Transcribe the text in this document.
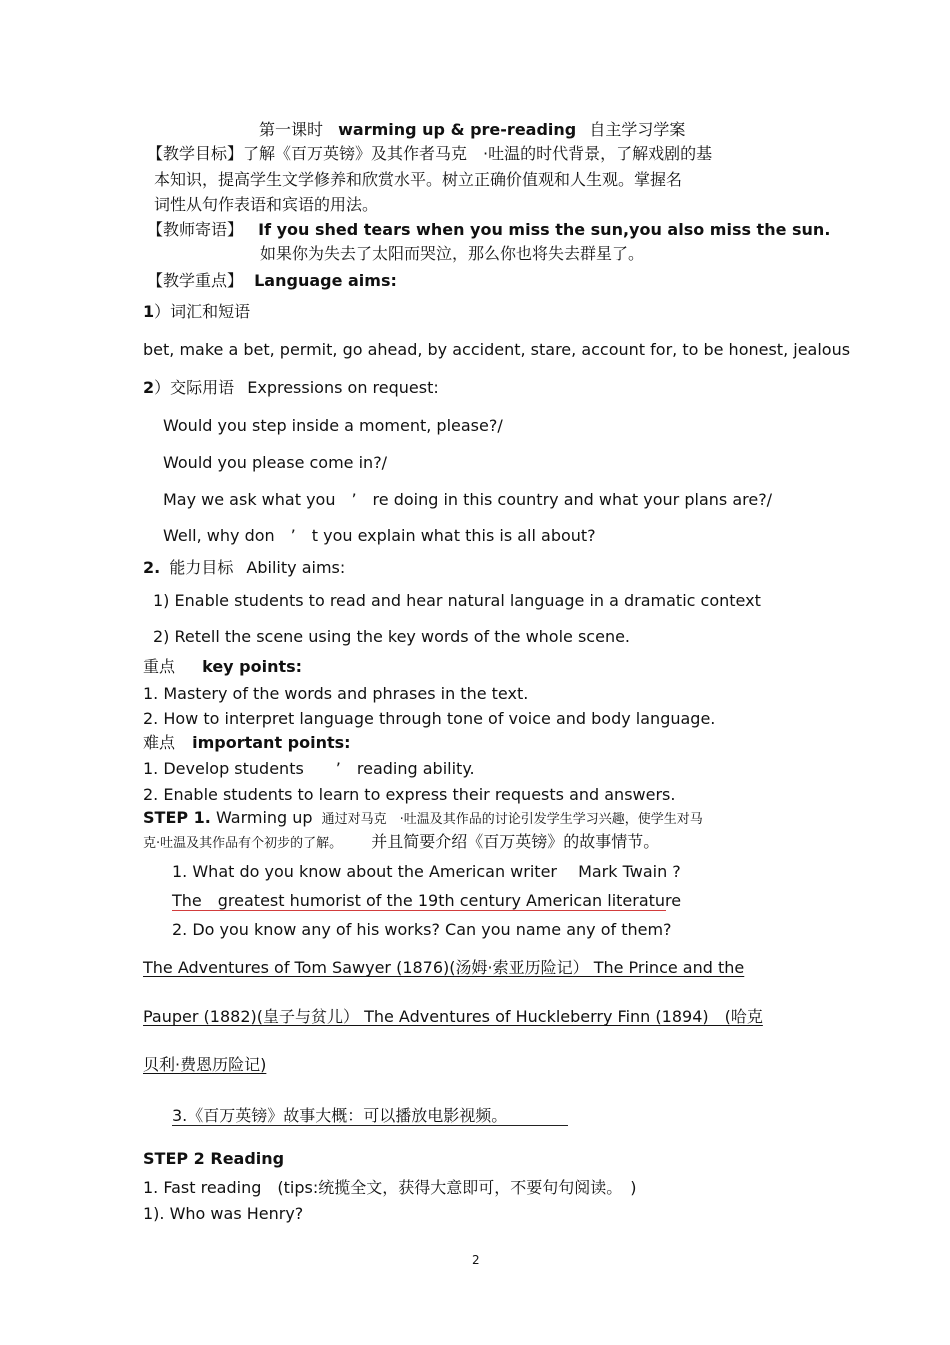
第一课时 warming up & pre-reading 自主学习学案
【教学目标】了解《百万英镑》及其作者马克　·吐温的时代背景，了解戏剧的基
本知识，提高学生文学修养和欣赏水平。树立正确价值观和人生观。掌握名
词性从句作表语和宾语的用法。
【教师寄语】 If you shed tears when you miss the sun,you also miss the sun.
如果你为失去了太阳而哭泣，那么你也将失去群星了。
【教学重点】 Language aims:
1）词汇和短语
bet, make a bet, permit, go ahead, by accident, stare, account for, to be honest, jealous
2）交际用语 Expressions on request:
Would you step inside a moment, please?/
Would you please come in?/
May we ask what you　’　re doing in this country and what your plans are?/
Well, why don　’　t you explain what this is all about?
2. 能力目标 Ability aims:
1) Enable students to read and hear natural language in a dramatic context
2) Retell the scene using the key words of the whole scene.
重点 key points:
1. Mastery of the words and phrases in the text.
2. How to interpret language through tone of voice and body language.
难点 important points:
1. Develop students　　’　reading ability.
2. Enable students to learn to express their requests and answers.
STEP 1. Warming up 通过对马克　·吐温及其作品的讨论引发学生学习兴趣，使学生对马
克·吐温及其作品有个初步的了解。 并且简要介绍《百万英镑》的故事情节。
1. What do you know about the American writer　 Mark Twain ?
The　greatest humorist of the 19th century American literature
2. Do you know any of his works? Can you name any of them?
The Adventures of Tom Sawyer (1876)(汤姆·索亚历险记） The Prince and the
Pauper (1882)(皇子与贫儿） The Adventures of Huckleberry Finn (1894)　(哈克
贝利·费恩历险记)
3.《百万英镑》故事大概：可以播放电影视频。
STEP 2 Reading
1. Fast reading　(tips:统揽全文，获得大意即可，不要句句阅读。　)
1). Who was Henry?
2
